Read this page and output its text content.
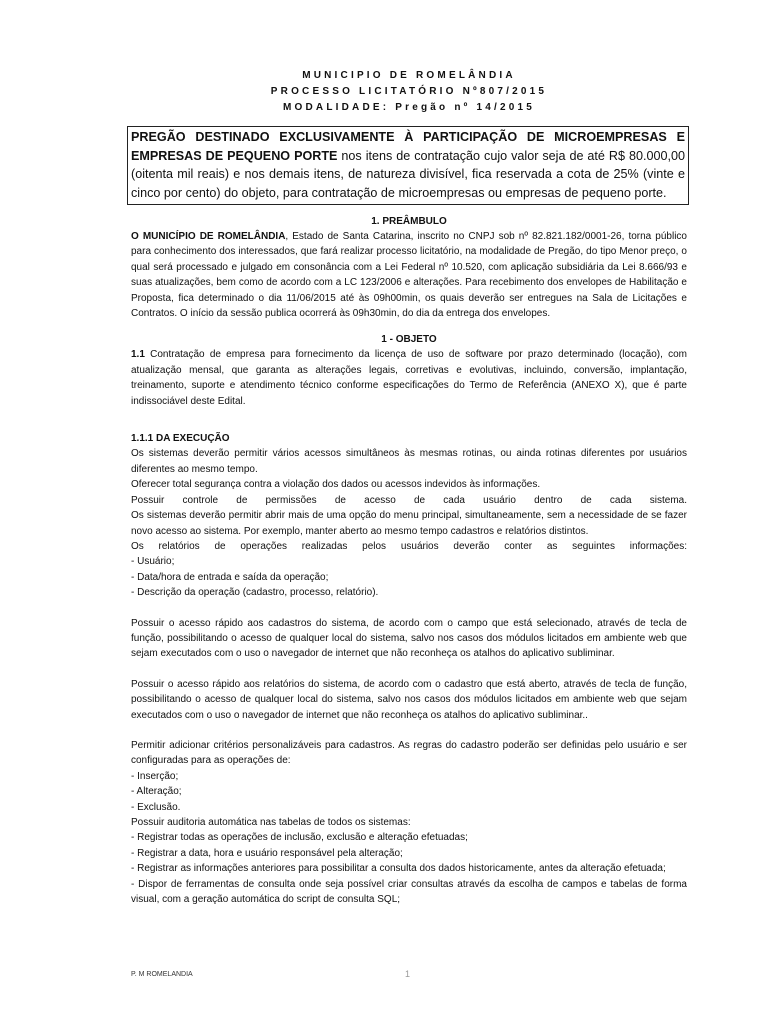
MUNICIPIO DE ROMELÂNDIA
PROCESSO LICITATÓRIO Nº807/2015
MODALIDADE: Pregão nº 14/2015
PREGÃO DESTINADO EXCLUSIVAMENTE À PARTICIPAÇÃO DE MICROEMPRESAS E EMPRESAS DE PEQUENO PORTE nos itens de contratação cujo valor seja de até R$ 80.000,00 (oitenta mil reais) e nos demais itens, de natureza divisível, fica reservada a cota de 25% (vinte e cinco por cento) do objeto, para contratação de microempresas ou empresas de pequeno porte.
1. PREÂMBULO

O MUNICÍPIO DE ROMELÂNDIA, Estado de Santa Catarina, inscrito no CNPJ sob nº 82.821.182/0001-26, torna público para conhecimento dos interessados, que fará realizar processo licitatório, na modalidade de Pregão, do tipo Menor preço, o qual será processado e julgado em consonância com a Lei Federal nº 10.520, com aplicação subsidiária da Lei 8.666/93 e suas atualizações, bem como de acordo com a LC 123/2006 e alterações. Para recebimento dos envelopes de Habilitação e Proposta, fica determinado o dia 11/06/2015 até às 09h00min, os quais deverão ser entregues na Sala de Licitações e Contratos. O início da sessão publica ocorrerá às 09h30min, do dia da entrega dos envelopes.

1 - OBJETO

1.1 Contratação de empresa para fornecimento da licença de uso de software por prazo determinado (locação), com atualização mensal, que garanta as alterações legais, corretivas e evolutivas, incluindo, conversão, implantação, treinamento, suporte e atendimento técnico conforme especificações do Termo de Referência (ANEXO X), que é parte indissociável deste Edital.

1.1.1 DA EXECUÇÃO

Os sistemas deverão permitir vários acessos simultâneos às mesmas rotinas, ou ainda rotinas diferentes por usuários diferentes ao mesmo tempo.

Oferecer total segurança contra a violação dos dados ou acessos indevidos às informações.

Possuir controle de permissões de acesso de cada usuário dentro de cada sistema.

Os sistemas deverão permitir abrir mais de uma opção do menu principal, simultaneamente, sem a necessidade de se fazer novo acesso ao sistema. Por exemplo, manter aberto ao mesmo tempo cadastros e relatórios distintos.

Os relatórios de operações realizadas pelos usuários deverão conter as seguintes informações:

- Usuário;

- Data/hora de entrada e saída da operação;

- Descrição da operação (cadastro, processo, relatório).

Possuir o acesso rápido aos cadastros do sistema, de acordo com o campo que está selecionado, através de tecla de função, possibilitando o acesso de qualquer local do sistema, salvo nos casos dos módulos licitados em ambiente web que sejam executados com o uso o navegador de internet que não reconheça os atalhos do aplicativo subliminar.

Possuir o acesso rápido aos relatórios do sistema, de acordo com o cadastro que está aberto, através de tecla de função, possibilitando o acesso de qualquer local do sistema, salvo nos casos dos módulos licitados em ambiente web que sejam executados com o uso o navegador de internet que não reconheça os atalhos do aplicativo subliminar..

Permitir adicionar critérios personalizáveis para cadastros. As regras do cadastro poderão ser definidas pelo usuário e ser configuradas para as operações de:

- Inserção;

- Alteração;

- Exclusão.

Possuir auditoria automática nas tabelas de todos os sistemas:

- Registrar todas as operações de inclusão, exclusão e alteração efetuadas;

- Registrar a data, hora e usuário responsável pela alteração;

- Registrar as informações anteriores para possibilitar a consulta dos dados historicamente, antes da alteração efetuada;

- Dispor de ferramentas de consulta onde seja possível criar consultas através da escolha de campos e tabelas de forma visual, com a geração automática do script de consulta SQL;

P. M ROMELANDIA	1
